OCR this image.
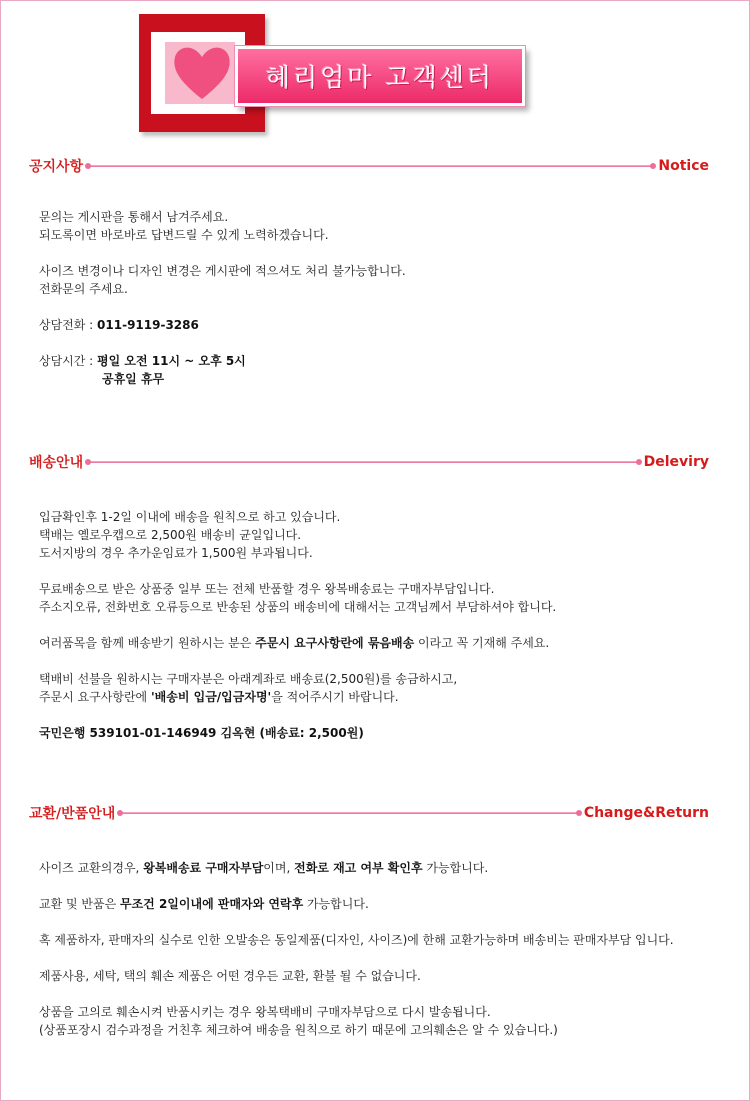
혜리엄마 고객센터
공지사항	Notice
문의는 게시판을 통해서 남겨주세요.
되도록이면 바로바로 답변드릴 수 있게 노력하겠습니다.
사이즈 변경이나 디자인 변경은 게시판에 적으셔도 처리 불가능합니다.
전화문의 주세요.
상담전화 : 011-9119-3286
상담시간 : 평일 오전 11시 ~ 오후 5시
공휴일 휴무
배송안내	Deleviry
입금확인후 1-2일 이내에 배송을 원칙으로 하고 있습니다.
택배는 옐로우캡으로 2,500원 배송비 균일입니다.
도서지방의 경우 추가운임료가 1,500원 부과됩니다.
무료배송으로 받은 상품중 일부 또는 전체 반품할 경우 왕복배송료는 구매자부담입니다.
주소지오류, 전화번호 오류등으로 반송된 상품의 배송비에 대해서는 고객님께서 부담하셔야 합니다.
여러품목을 함께 배송받기 원하시는 분은 주문시 요구사항란에 묶음배송 이라고 꼭 기재해 주세요.
택배비 선불을 원하시는 구매자분은 아래계좌로 배송료(2,500원)를 송금하시고,
주문시 요구사항란에 '배송비 입금/입금자명'을 적어주시기 바랍니다.
국민은행 539101-01-146949 김옥현 (배송료: 2,500원)
교환/반품안내	Change&Return
사이즈 교환의경우, 왕복배송료 구매자부담이며, 전화로 재고 여부 확인후 가능합니다.
교환 및 반품은 무조건 2일이내에 판매자와 연락후 가능합니다.
혹 제품하자, 판매자의 실수로 인한 오발송은 동일제품(디자인, 사이즈)에 한해 교환가능하며 배송비는 판매자부담 입니다.
제품사용, 세탁, 택의 훼손 제품은 어떤 경우든 교환, 환불 될 수 없습니다.
상품을 고의로 훼손시켜 반품시키는 경우 왕복택배비 구매자부담으로 다시 발송됩니다.
(상품포장시 검수과정을 거친후 체크하여 배송을 원칙으로 하기 때문에 고의훼손은 알 수 있습니다.)
